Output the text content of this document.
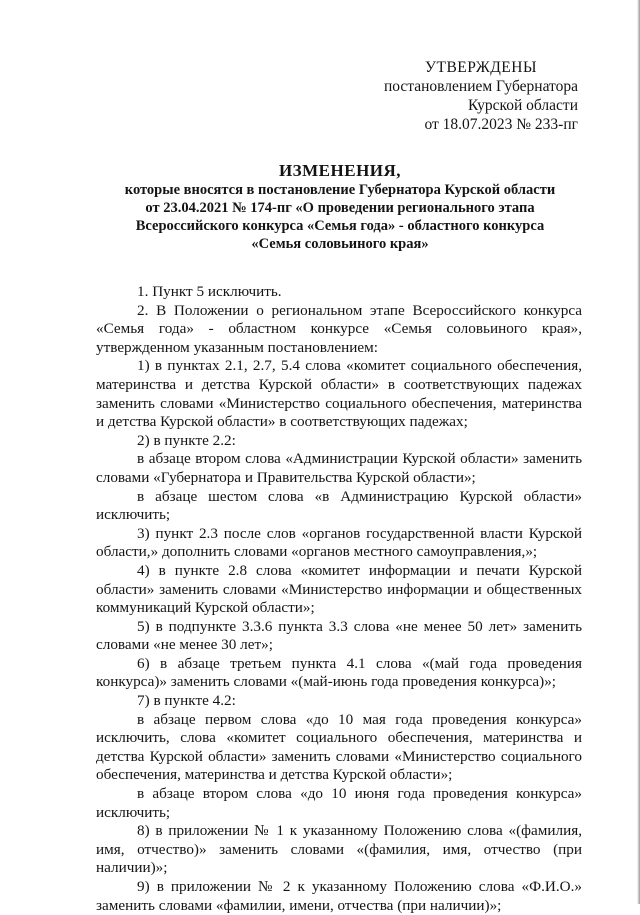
УТВЕРЖДЕНЫ
постановлением Губернатора
Курской области
от 18.07.2023 № 233-пг
ИЗМЕНЕНИЯ,
которые вносятся в постановление Губернатора Курской области
от 23.04.2021 № 174-пг «О проведении регионального этапа
Всероссийского конкурса «Семья года» - областного конкурса
«Семья соловьиного края»

1. Пункт 5 исключить.

2. В Положении о региональном этапе Всероссийского конкурса «Семья года» - областном конкурсе «Семья соловьиного края», утвержденном указанным постановлением:

1) в пунктах 2.1, 2.7, 5.4 слова «комитет социального обеспечения, материнства и детства Курской области» в соответствующих падежах заменить словами «Министерство социального обеспечения, материнства и детства Курской области» в соответствующих падежах;

2) в пункте 2.2:

в абзаце втором слова «Администрации Курской области» заменить словами «Губернатора и Правительства Курской области»;

в абзаце шестом слова «в Администрацию Курской области» исключить;

3) пункт 2.3 после слов «органов государственной власти Курской области,» дополнить словами «органов местного самоуправления,»;

4) в пункте 2.8 слова «комитет информации и печати Курской области» заменить словами «Министерство информации и общественных коммуникаций Курской области»;

5) в подпункте 3.3.6 пункта 3.3 слова «не менее 50 лет» заменить словами «не менее 30 лет»;

6) в абзаце третьем пункта 4.1 слова «(май года проведения конкурса)» заменить словами «(май-июнь года проведения конкурса)»;

7) в пункте 4.2:

в абзаце первом слова «до 10 мая года проведения конкурса» исключить, слова «комитет социального обеспечения, материнства и детства Курской области» заменить словами «Министерство социального обеспечения, материнства и детства Курской области»;

в абзаце втором слова «до 10 июня года проведения конкурса» исключить;

8) в приложении № 1 к указанному Положению слова «(фамилия, имя, отчество)» заменить словами «(фамилия, имя, отчество (при наличии)»;

9) в приложении № 2 к указанному Положению слова «Ф.И.О.» заменить словами «фамилии, имени, отчества (при наличии)»;
